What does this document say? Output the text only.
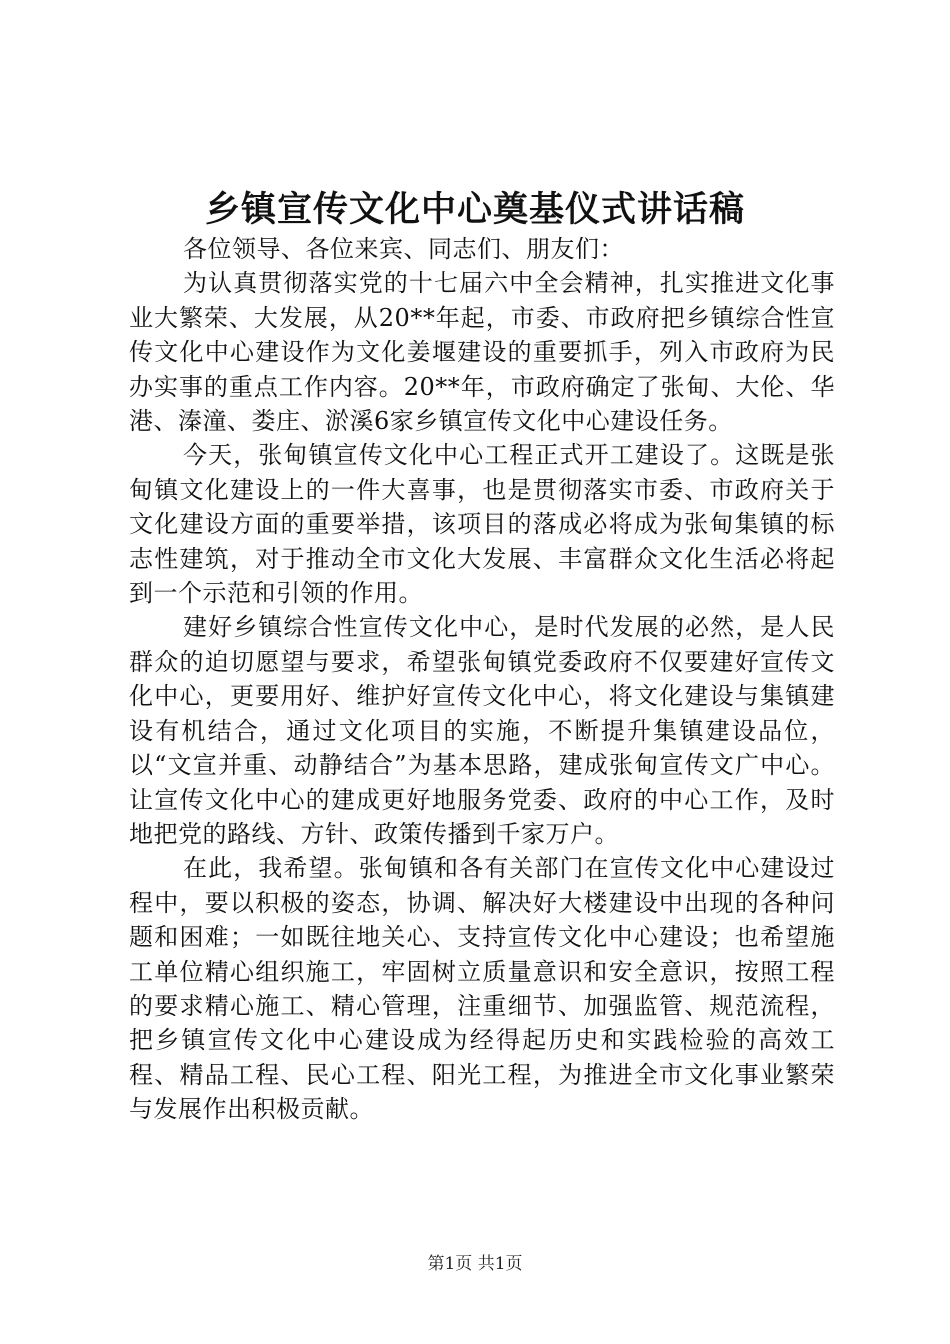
乡镇宣传文化中心奠基仪式讲话稿

各位领导、各位来宾、同志们、朋友们：

为认真贯彻落实党的十七届六中全会精神，扎实推进文化事业大繁荣、大发展，从20**年起，市委、市政府把乡镇综合性宣传文化中心建设作为文化姜堰建设的重要抓手，列入市政府为民办实事的重点工作内容。20**年，市政府确定了张甸、大伦、华港、溱潼、娄庄、淤溪6家乡镇宣传文化中心建设任务。

今天，张甸镇宣传文化中心工程正式开工建设了。这既是张甸镇文化建设上的一件大喜事，也是贯彻落实市委、市政府关于文化建设方面的重要举措，该项目的落成必将成为张甸集镇的标志性建筑，对于推动全市文化大发展、丰富群众文化生活必将起到一个示范和引领的作用。

建好乡镇综合性宣传文化中心，是时代发展的必然，是人民群众的迫切愿望与要求，希望张甸镇党委政府不仅要建好宣传文化中心，更要用好、维护好宣传文化中心，将文化建设与集镇建设有机结合，通过文化项目的实施，不断提升集镇建设品位，以“文宣并重、动静结合”为基本思路，建成张甸宣传文广中心。让宣传文化中心的建成更好地服务党委、政府的中心工作，及时地把党的路线、方针、政策传播到千家万户。

在此，我希望。张甸镇和各有关部门在宣传文化中心建设过程中，要以积极的姿态，协调、解决好大楼建设中出现的各种问题和困难；一如既往地关心、支持宣传文化中心建设；也希望施工单位精心组织施工，牢固树立质量意识和安全意识，按照工程的要求精心施工、精心管理，注重细节、加强监管、规范流程，把乡镇宣传文化中心建设成为经得起历史和实践检验的高效工程、精品工程、民心工程、阳光工程，为推进全市文化事业繁荣与发展作出积极贡献。

第1页 共1页
